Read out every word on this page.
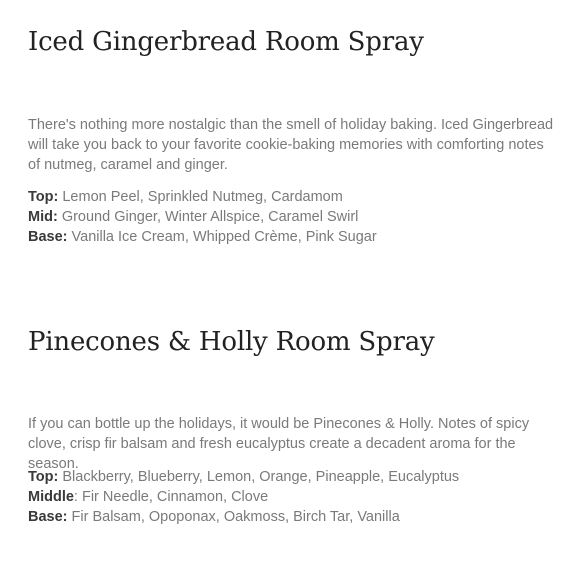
Iced Gingerbread Room Spray

There's nothing more nostalgic than the smell of holiday baking. Iced Gingerbread will take you back to your favorite cookie-baking memories with comforting notes of nutmeg, caramel and ginger.

Top: Lemon Peel, Sprinkled Nutmeg, Cardamom
Mid: Ground Ginger, Winter Allspice, Caramel Swirl
Base: Vanilla Ice Cream, Whipped Crème, Pink Sugar
Pinecones & Holly Room Spray

If you can bottle up the holidays, it would be Pinecones & Holly. Notes of spicy clove, crisp fir balsam and fresh eucalyptus create a decadent aroma for the season.

Top: Blackberry, Blueberry, Lemon, Orange, Pineapple, Eucalyptus
Middle: Fir Needle, Cinnamon, Clove
Base: Fir Balsam, Opoponax, Oakmoss, Birch Tar, Vanilla
